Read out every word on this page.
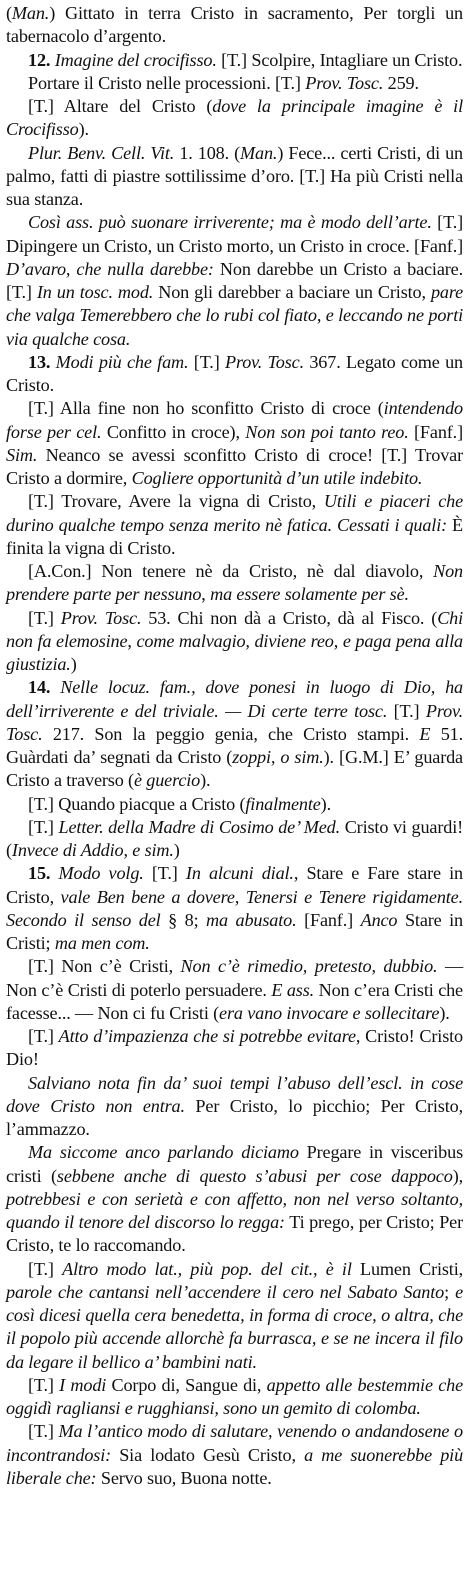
(Man.) Gittato in terra Cristo in sacramento, Per torgli un tabernacolo d’argento.

12. Imagine del crocifisso. [T.] Scolpire, Intagliare un Cristo.

Portare il Cristo nelle processioni. [T.] Prov. Tosc. 259.

[T.] Altare del Cristo (dove la principale imagine è il Crocifisso).

Plur. Benv. Cell. Vit. 1. 108. (Man.) Fece... certi Cristi, di un palmo, fatti di piastre sottilissime d’oro. [T.] Ha più Cristi nella sua stanza.

Così ass. può suonare irriverente; ma è modo dell’arte. [T.] Dipingere un Cristo, un Cristo morto, un Cristo in croce. [Fanf.] D’avaro, che nulla darebbe: Non darebbe un Cristo a baciare. [T.] In un tosc. mod. Non gli darebber a baciare un Cristo, pare che valga Temerebbero che lo rubi col fiato, e leccando ne porti via qualche cosa.

13. Modi più che fam. [T.] Prov. Tosc. 367. Legato come un Cristo.

[T.] Alla fine non ho sconfitto Cristo di croce (intendendo forse per cel. Confitto in croce), Non son poi tanto reo. [Fanf.] Sim. Neanco se avessi sconfitto Cristo di croce! [T.] Trovar Cristo a dormire, Cogliere opportunità d’un utile indebito.

[T.] Trovare, Avere la vigna di Cristo, Utili e piaceri che durino qualche tempo senza merito nè fatica. Cessati i quali: È finita la vigna di Cristo.

[A.Con.] Non tenere nè da Cristo, nè dal diavolo, Non prendere parte per nessuno, ma essere solamente per sè.

[T.] Prov. Tosc. 53. Chi non dà a Cristo, dà al Fisco. (Chi non fa elemosine, come malvagio, diviene reo, e paga pena alla giustizia.)

14. Nelle locuz. fam., dove ponesi in luogo di Dio, ha dell’irriverente e del triviale. — Di certe terre tosc. [T.] Prov. Tosc. 217. Son la peggio genia, che Cristo stampi. E 51. Guàrdati da’ segnati da Cristo (zoppi, o sim.). [G.M.] E’ guarda Cristo a traverso (è guercio).

[T.] Quando piacque a Cristo (finalmente).

[T.] Letter. della Madre di Cosimo de’ Med. Cristo vi guardi! (Invece di Addio, e sim.)

15. Modo volg. [T.] In alcuni dial., Stare e Fare stare in Cristo, vale Ben bene a dovere, Tenersi e Tenere rigidamente. Secondo il senso del § 8; ma abusato. [Fanf.] Anco Stare in Cristi; ma men com.

[T.] Non c’è Cristi, Non c’è rimedio, pretesto, dubbio. — Non c’è Cristi di poterlo persuadere. E ass. Non c’era Cristi che facesse... — Non ci fu Cristi (era vano invocare e sollecitare).

[T.] Atto d’impazienza che si potrebbe evitare, Cristo! Cristo Dio!

Salviano nota fin da’ suoi tempi l’abuso dell’escl. in cose dove Cristo non entra. Per Cristo, lo picchio; Per Cristo, l’ammazzo.

Ma siccome anco parlando diciamo Pregare in visceribus cristi (sebbene anche di questo s’abusi per cose dappoco), potrebbesi e con serietà e con affetto, non nel verso soltanto, quando il tenore del discorso lo regga: Ti prego, per Cristo; Per Cristo, te lo raccomando.

[T.] Altro modo lat., più pop. del cit., è il Lumen Cristi, parole che cantansi nell’accendere il cero nel Sabato Santo; e così dicesi quella cera benedetta, in forma di croce, o altra, che il popolo più accende allorchè fa burrasca, e se ne incera il filo da legare il bellico a’ bambini nati.

[T.] I modi Corpo di, Sangue di, appetto alle bestemmie che oggidì ragliansi e rugghiansi, sono un gemito di colomba.

[T.] Ma l’antico modo di salutare, venendo o andandosene o incontrandosi: Sia lodato Gesù Cristo, a me suonerebbe più liberale che: Servo suo, Buona notte.
